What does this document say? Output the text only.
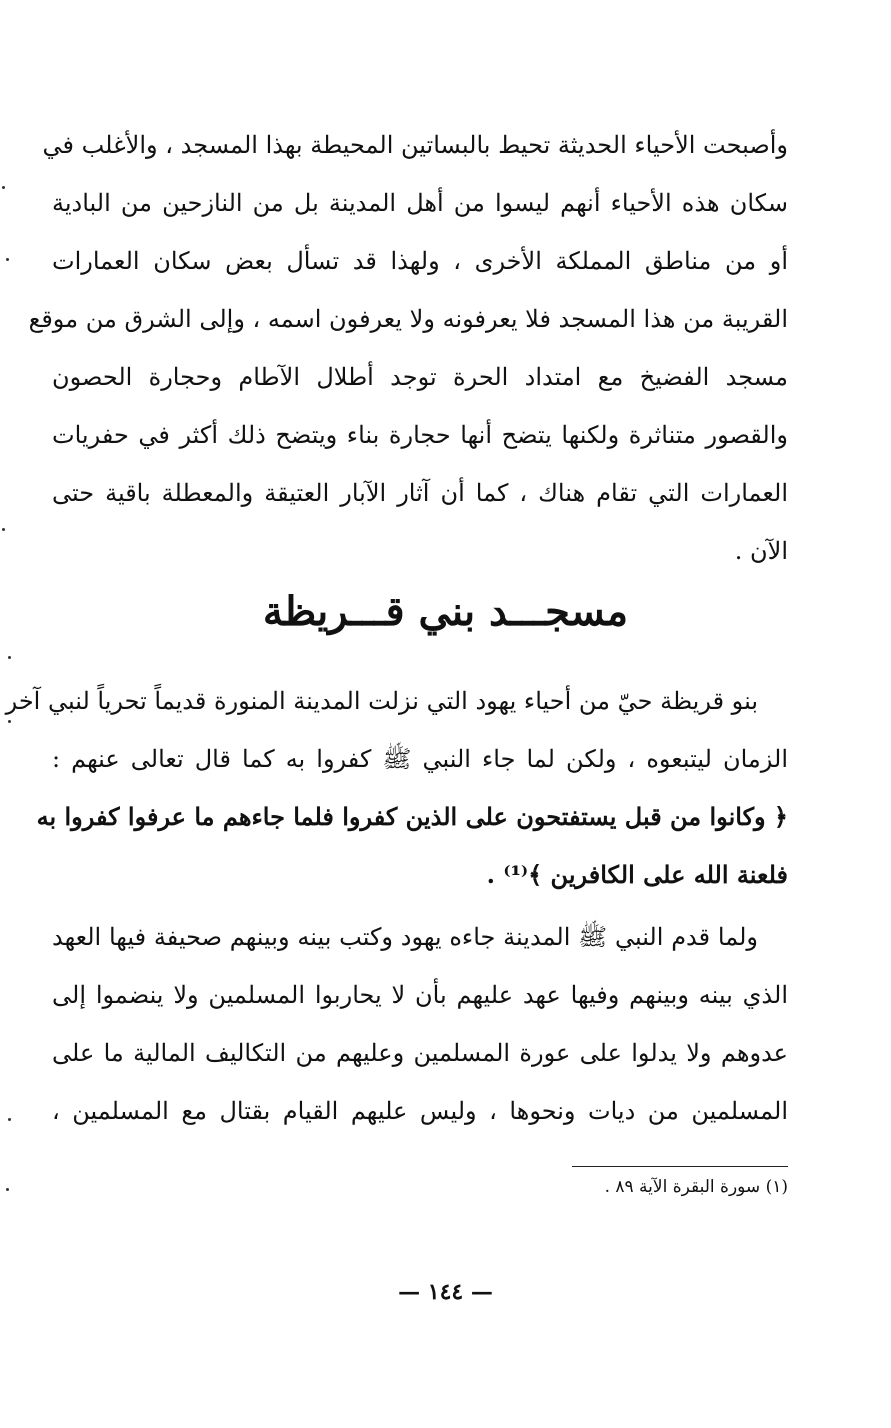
وأصبحت الأحياء الحديثة تحيط بالبساتين المحيطة بهذا المسجد ، والأغلب في
سكان هذه الأحياء أنهم ليسوا من أهل المدينة بل من النازحين من البادية
أو من مناطق المملكة الأخرى ، ولهذا قد تسأل بعض سكان العمارات
القريبة من هذا المسجد فلا يعرفونه ولا يعرفون اسمه ، وإلى الشرق من موقع
مسجد الفضيخ مع امتداد الحرة توجد أطلال الآطام وحجارة الحصون
والقصور متناثرة ولكنها يتضح أنها حجارة بناء ويتضح ذلك أكثر في حفريات
العمارات التي تقام هناك ، كما أن آثار الآبار العتيقة والمعطلة باقية حتى
الآن .
مسجـــد بني قـــريظة
بنو قريظة حيّ من أحياء يهود التي نزلت المدينة المنورة قديماً تحرياً لنبي آخر
الزمان ليتبعوه ، ولكن لما جاء النبي ﷺ كفروا به كما قال تعالى عنهم :
﴿ وكانوا من قبل يستفتحون على الذين كفروا فلما جاءهم ما عرفوا كفروا به
فلعنة الله على الكافرين ﴾⁽¹⁾ .
ولما قدم النبي ﷺ المدينة جاءه يهود وكتب بينه وبينهم صحيفة فيها العهد
الذي بينه وبينهم وفيها عهد عليهم بأن لا يحاربوا المسلمين ولا ينضموا إلى
عدوهم ولا يدلوا على عورة المسلمين وعليهم من التكاليف المالية ما على
المسلمين من ديات ونحوها ، وليس عليهم القيام بقتال مع المسلمين ،
(١) سورة البقرة الآية ٨٩ .
— ١٤٤ —
